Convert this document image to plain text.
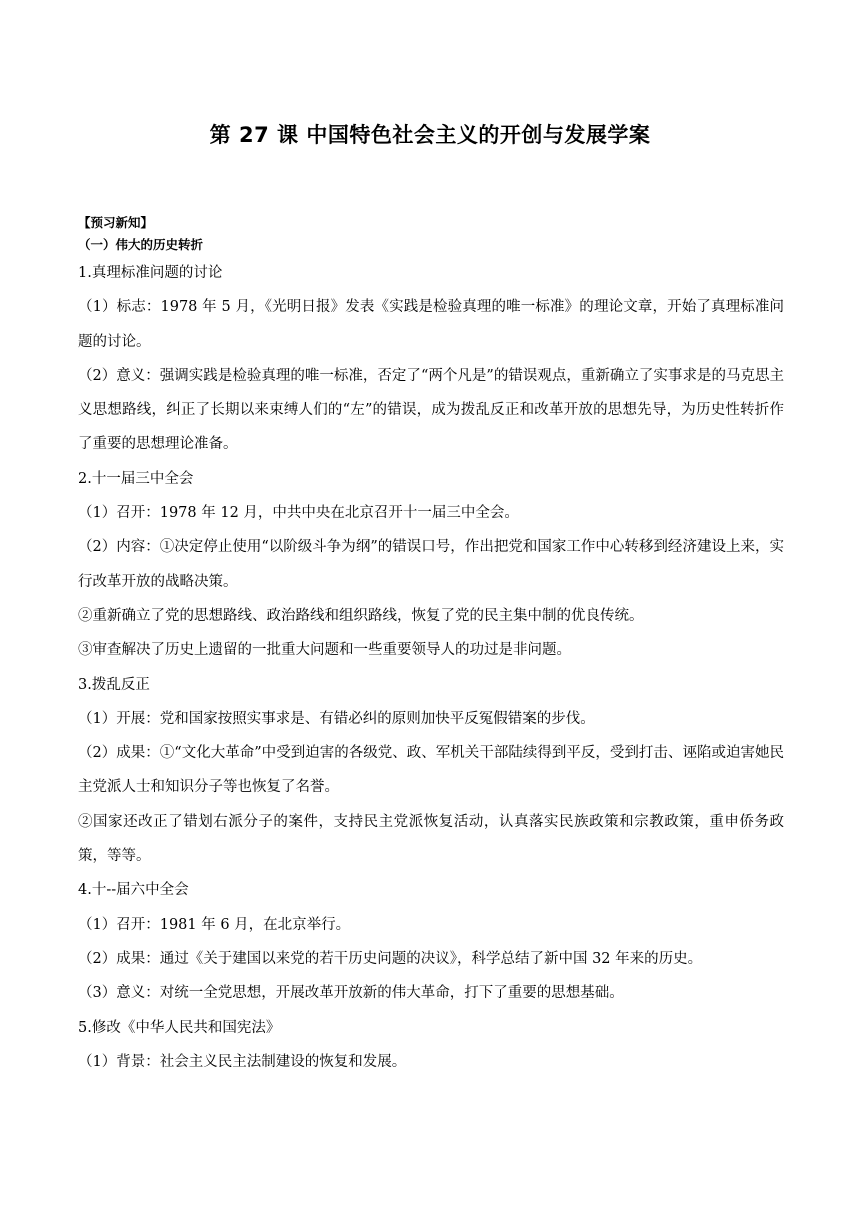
第 27 课 中国特色社会主义的开创与发展学案
【预习新知】
（一）伟大的历史转折

1.真理标准问题的讨论

（1）标志：1978 年 5 月，《光明日报》发表《实践是检验真理的唯一标准》的理论文章，开始了真理标准问题的讨论。

（2）意义：强调实践是检验真理的唯一标准，否定了“两个凡是”的错误观点，重新确立了实事求是的马克思主义思想路线，纠正了长期以来束缚人们的“左”的错误，成为拨乱反正和改革开放的思想先导，为历史性转折作了重要的思想理论准备。

2.十一届三中全会

（1）召开：1978 年 12 月，中共中央在北京召开十一届三中全会。

（2）内容：①决定停止使用“以阶级斗争为纲”的错误口号，作出把党和国家工作中心转移到经济建设上来，实行改革开放的战略决策。

②重新确立了党的思想路线、政治路线和组织路线，恢复了党的民主集中制的优良传统。

③审查解决了历史上遗留的一批重大问题和一些重要领导人的功过是非问题。

3.拨乱反正

（1）开展：党和国家按照实事求是、有错必纠的原则加快平反冤假错案的步伐。

（2）成果：①“文化大革命”中受到迫害的各级党、政、军机关干部陆续得到平反，受到打击、诬陷或迫害她民主党派人士和知识分子等也恢复了名誉。

②国家还改正了错划右派分子的案件，支持民主党派恢复活动，认真落实民族政策和宗教政策，重申侨务政策，等等。

4.十--届六中全会

（1）召开：1981 年 6 月，在北京举行。

（2）成果：通过《关于建国以来党的若干历史问题的决议》，科学总结了新中国 32 年来的历史。

（3）意义：对统一全党思想，开展改革开放新的伟大革命，打下了重要的思想基础。

5.修改《中华人民共和国宪法》

（1）背景：社会主义民主法制建设的恢复和发展。
